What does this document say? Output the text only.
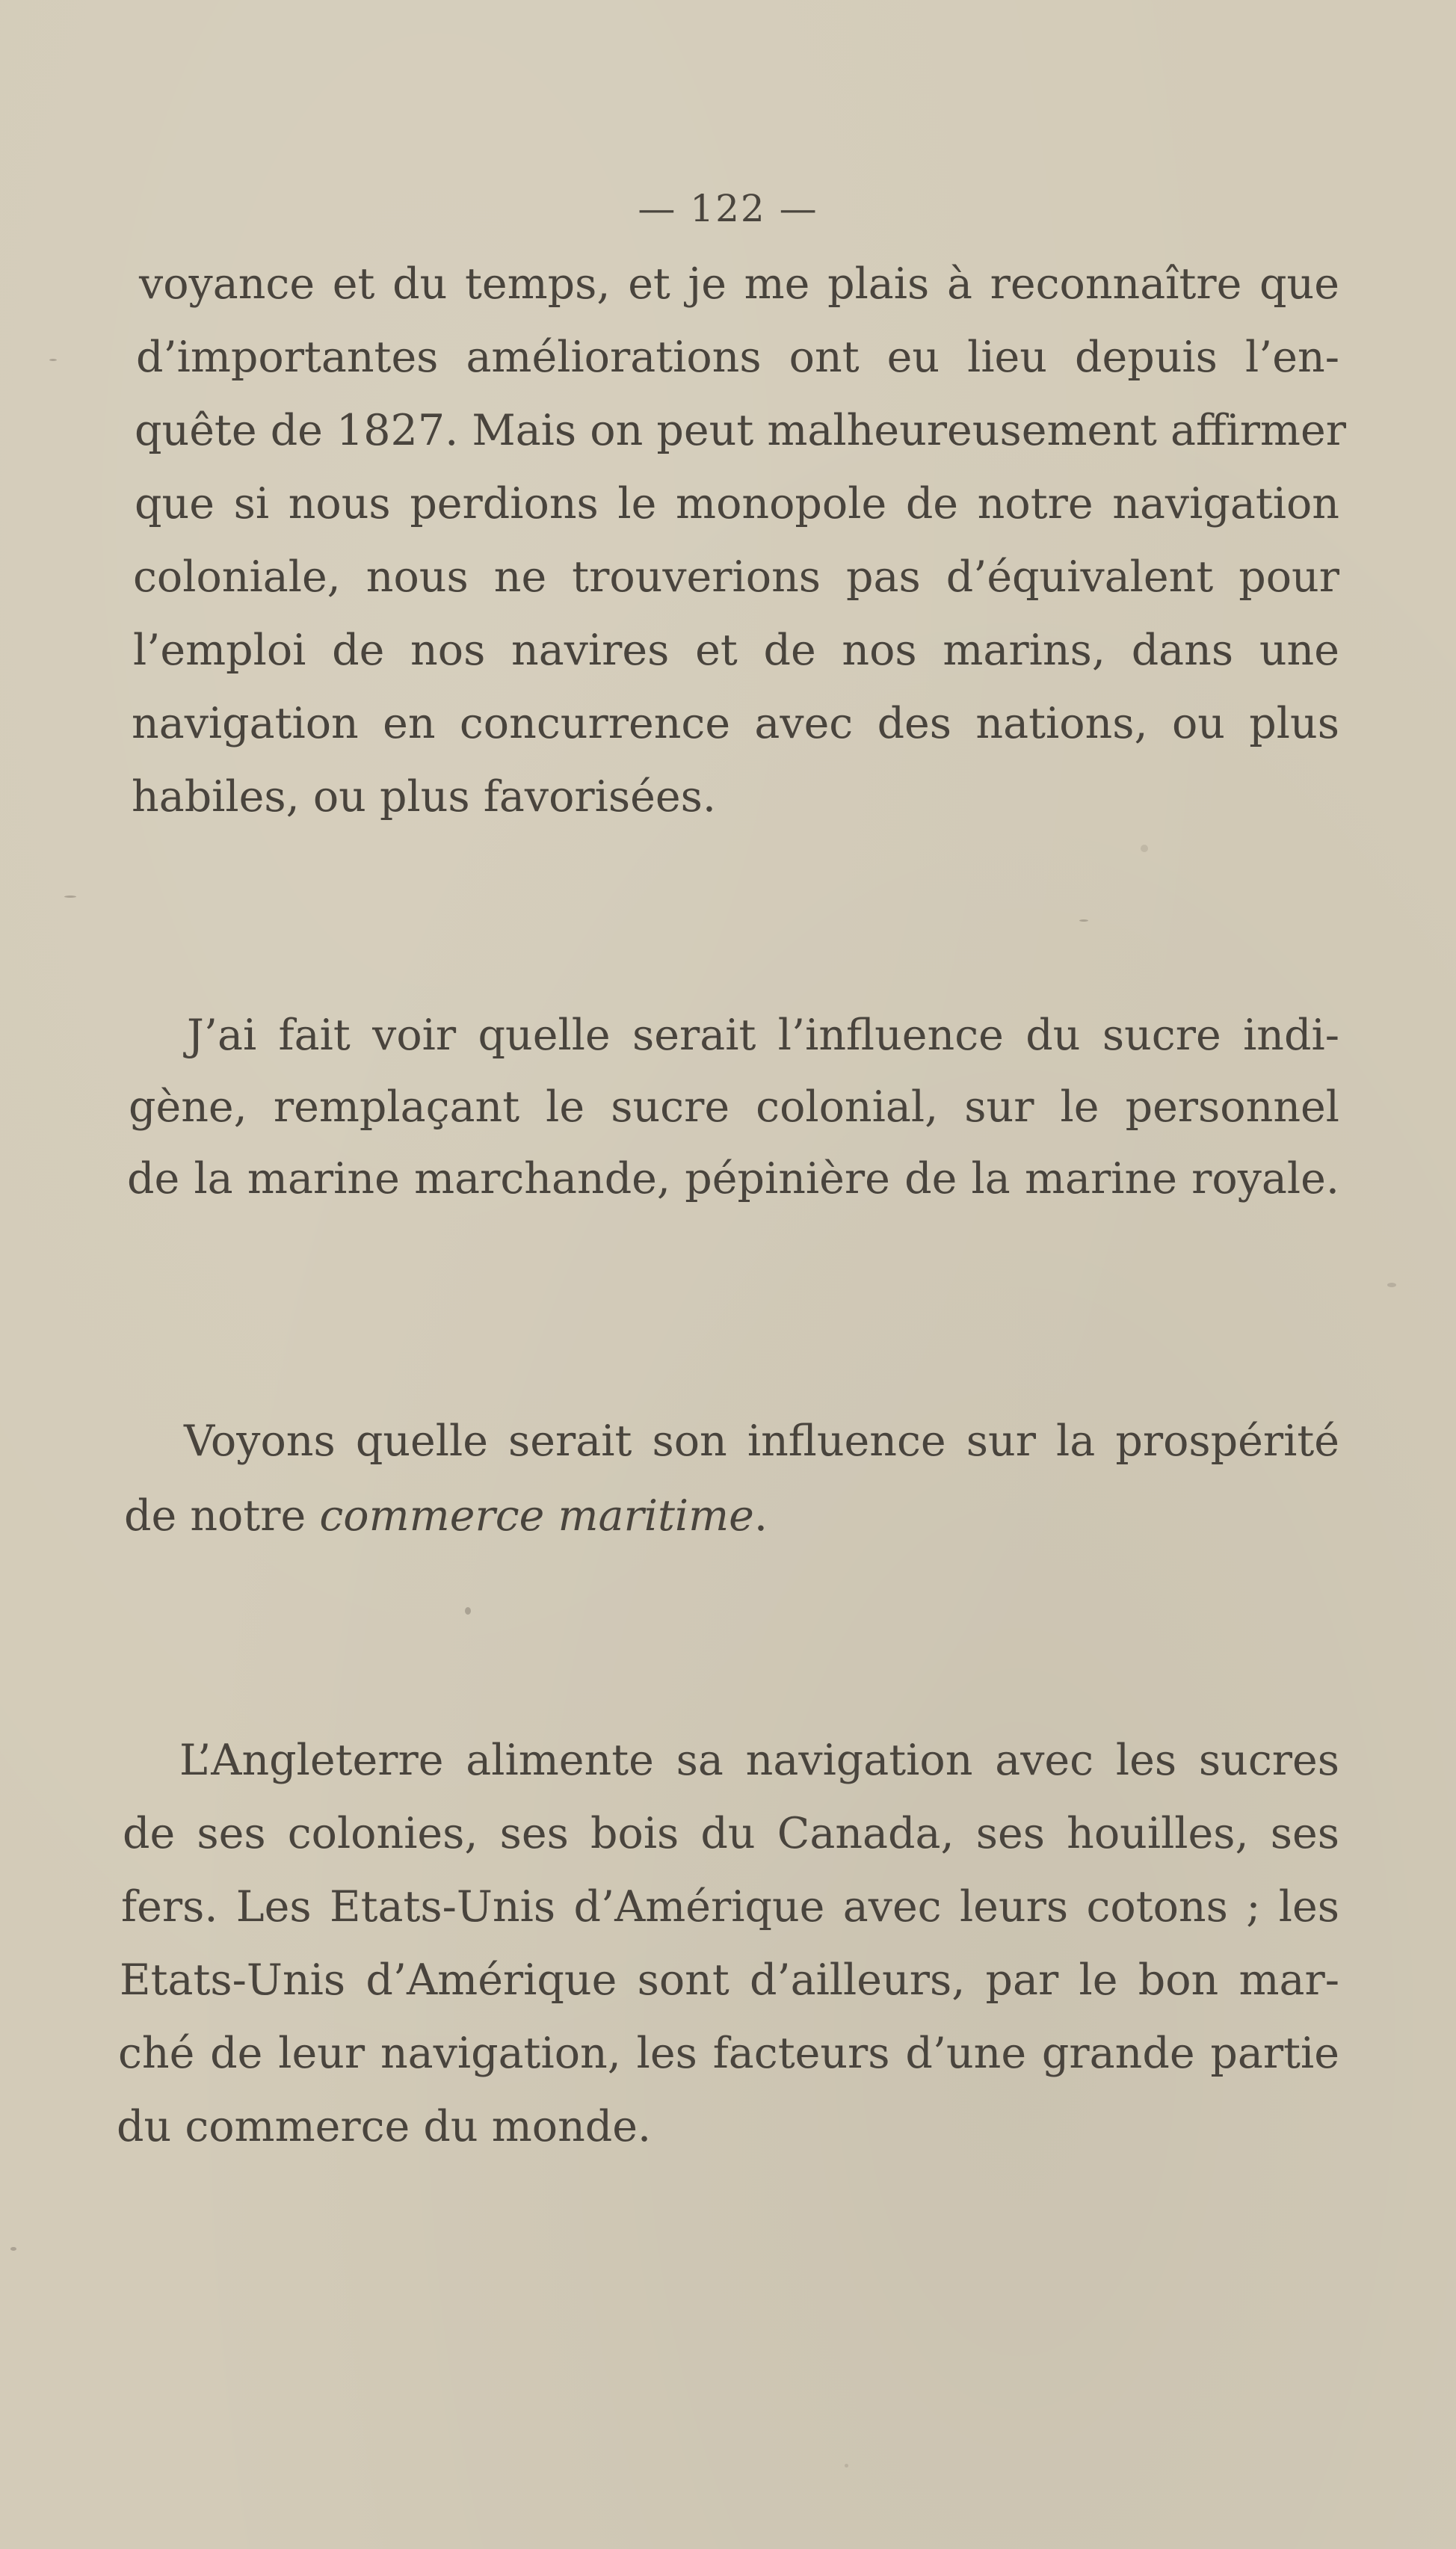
— 122 —

voyance et du temps, et je me plais à reconnaître que

d’importantes améliorations ont eu lieu depuis l’en-

quête de 1827. Mais on peut malheureusement affirmer

que si nous perdions le monopole de notre navigation

coloniale, nous ne trouverions pas d’équivalent pour

l’emploi de nos navires et de nos marins, dans une

navigation en concurrence avec des nations, ou plus

habiles, ou plus favorisées.

J’ai fait voir quelle serait l’influence du sucre indi-

gène, remplaçant le sucre colonial, sur le personnel

de la marine marchande, pépinière de la marine royale.

Voyons quelle serait son influence sur la prospérité

de notre commerce maritime.

L’Angleterre alimente sa navigation avec les sucres

de ses colonies, ses bois du Canada, ses houilles, ses

fers. Les Etats-Unis d’Amérique avec leurs cotons ; les

Etats-Unis d’Amérique sont d’ailleurs, par le bon mar-

ché de leur navigation, les facteurs d’une grande partie

du commerce du monde.
